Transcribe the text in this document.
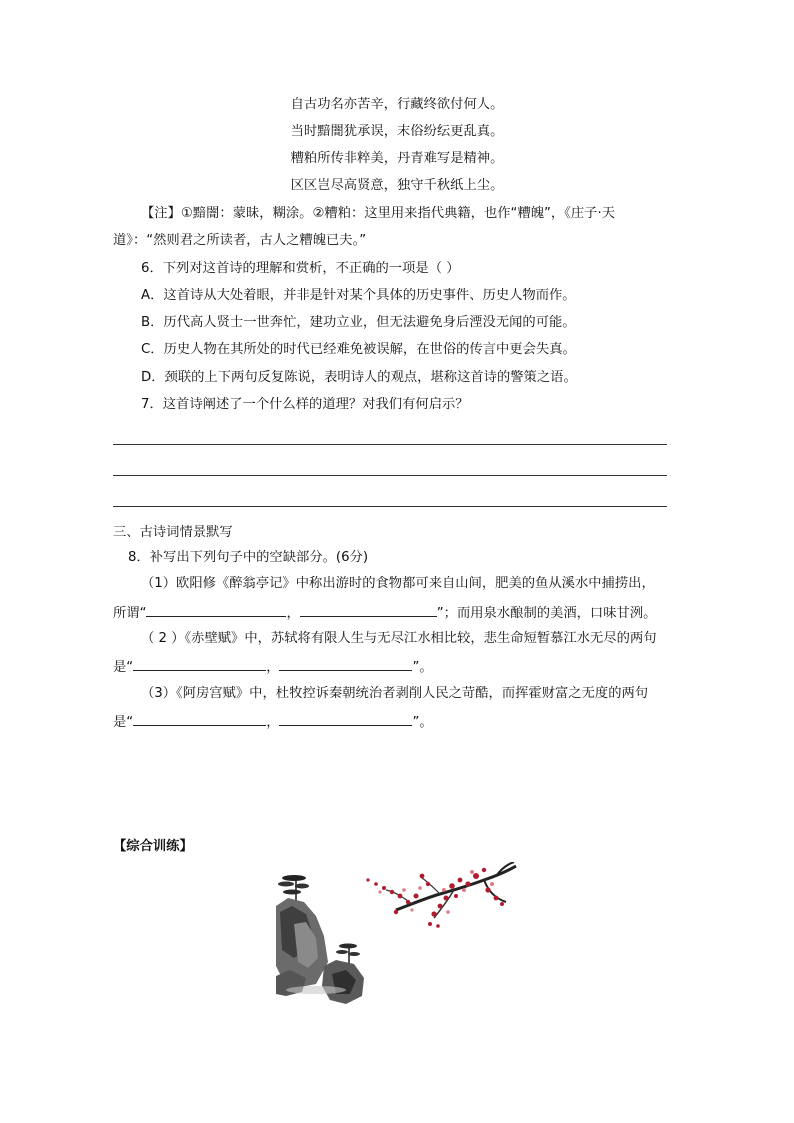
自古功名亦苦辛，行藏终欲付何人。
当时黯闇犹承误，末俗纷纭更乱真。
糟粕所传非粹美，丹青难写是精神。
区区岂尽高贤意，独守千秋纸上尘。
【注】①黯闇：蒙昧，糊涂。②糟粕：这里用来指代典籍，也作“糟魄”，《庄子·天
道》：“然则君之所读者，古人之糟魄已夫。”
6．下列对这首诗的理解和赏析，不正确的一项是（ ）
A．这首诗从大处着眼，并非是针对某个具体的历史事件、历史人物而作。
B．历代高人贤士一世奔忙，建功立业，但无法避免身后湮没无闻的可能。
C．历史人物在其所处的时代已经难免被误解，在世俗的传言中更会失真。
D．颈联的上下两句反复陈说，表明诗人的观点，堪称这首诗的警策之语。
7．这首诗阐述了一个什么样的道理？对我们有何启示？
三、古诗词情景默写
8．补写出下列句子中的空缺部分。(6分)
（1）欧阳修《醉翁亭记》中称出游时的食物都可来自山间，肥美的鱼从溪水中捕捞出，
所谓“	，	”；而用泉水酿制的美酒，口味甘洌。
（ 2 ）《赤壁赋》中，苏轼将有限人生与无尽江水相比较，悲生命短暂慕江水无尽的两句
是“	，	”。
（3）《阿房宫赋》中，杜牧控诉秦朝统治者剥削人民之苛酷，而挥霍财富之无度的两句
是“	，	”。
【综合训练】
